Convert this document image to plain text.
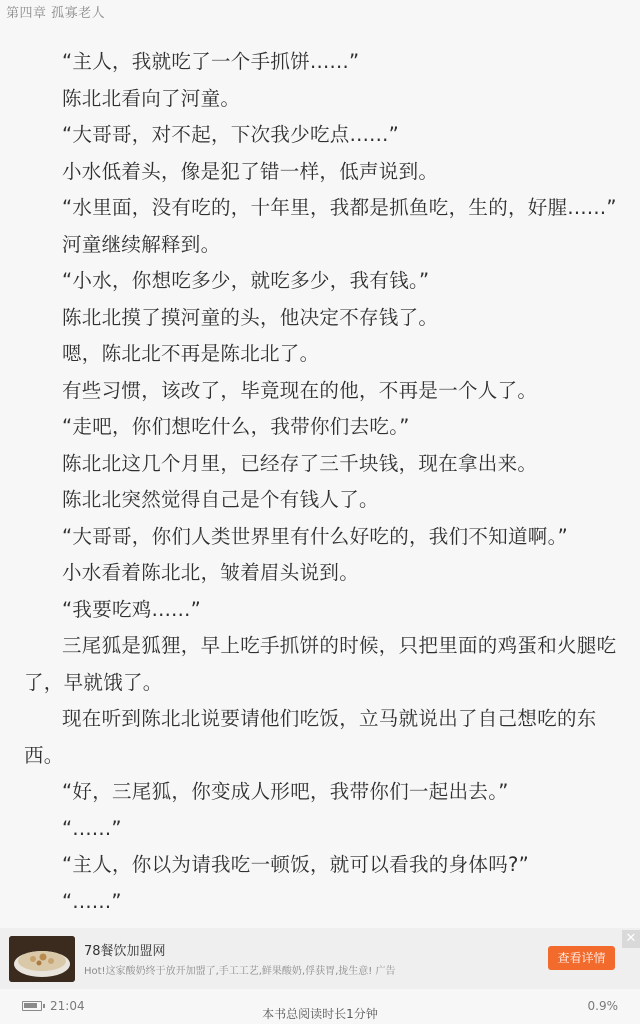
第四章 孤寡老人

“主人，我就吃了一个手抓饼......”

陈北北看向了河童。

“大哥哥，对不起，下次我少吃点......”

小水低着头，像是犯了错一样，低声说到。

“水里面，没有吃的，十年里，我都是抓鱼吃，生的，好腥......”

河童继续解释到。

“小水，你想吃多少，就吃多少，我有钱。”

陈北北摸了摸河童的头，他决定不存钱了。

嗯，陈北北不再是陈北北了。

有些习惯，该改了，毕竟现在的他，不再是一个人了。

“走吧，你们想吃什么，我带你们去吃。”

陈北北这几个月里，已经存了三千块钱，现在拿出来。

陈北北突然觉得自己是个有钱人了。

“大哥哥，你们人类世界里有什么好吃的，我们不知道啊。”

小水看着陈北北，皱着眉头说到。

“我要吃鸡......”

三尾狐是狐狸，早上吃手抓饼的时候，只把里面的鸡蛋和火腿吃了，早就饿了。

现在听到陈北北说要请他们吃饭，立马就说出了自己想吃的东西。

“好，三尾狐，你变成人形吧，我带你们一起出去。”

“......”

“主人，你以为请我吃一顿饭，就可以看我的身体吗?”

“......”

78餐饮加盟网
Hot!这家酸奶终于放开加盟了,手工工艺,鲜果酸奶,俘获胃,拢生意! 广告
查看详情
✕
21:04
本书总阅读时长1分钟
0.9%
